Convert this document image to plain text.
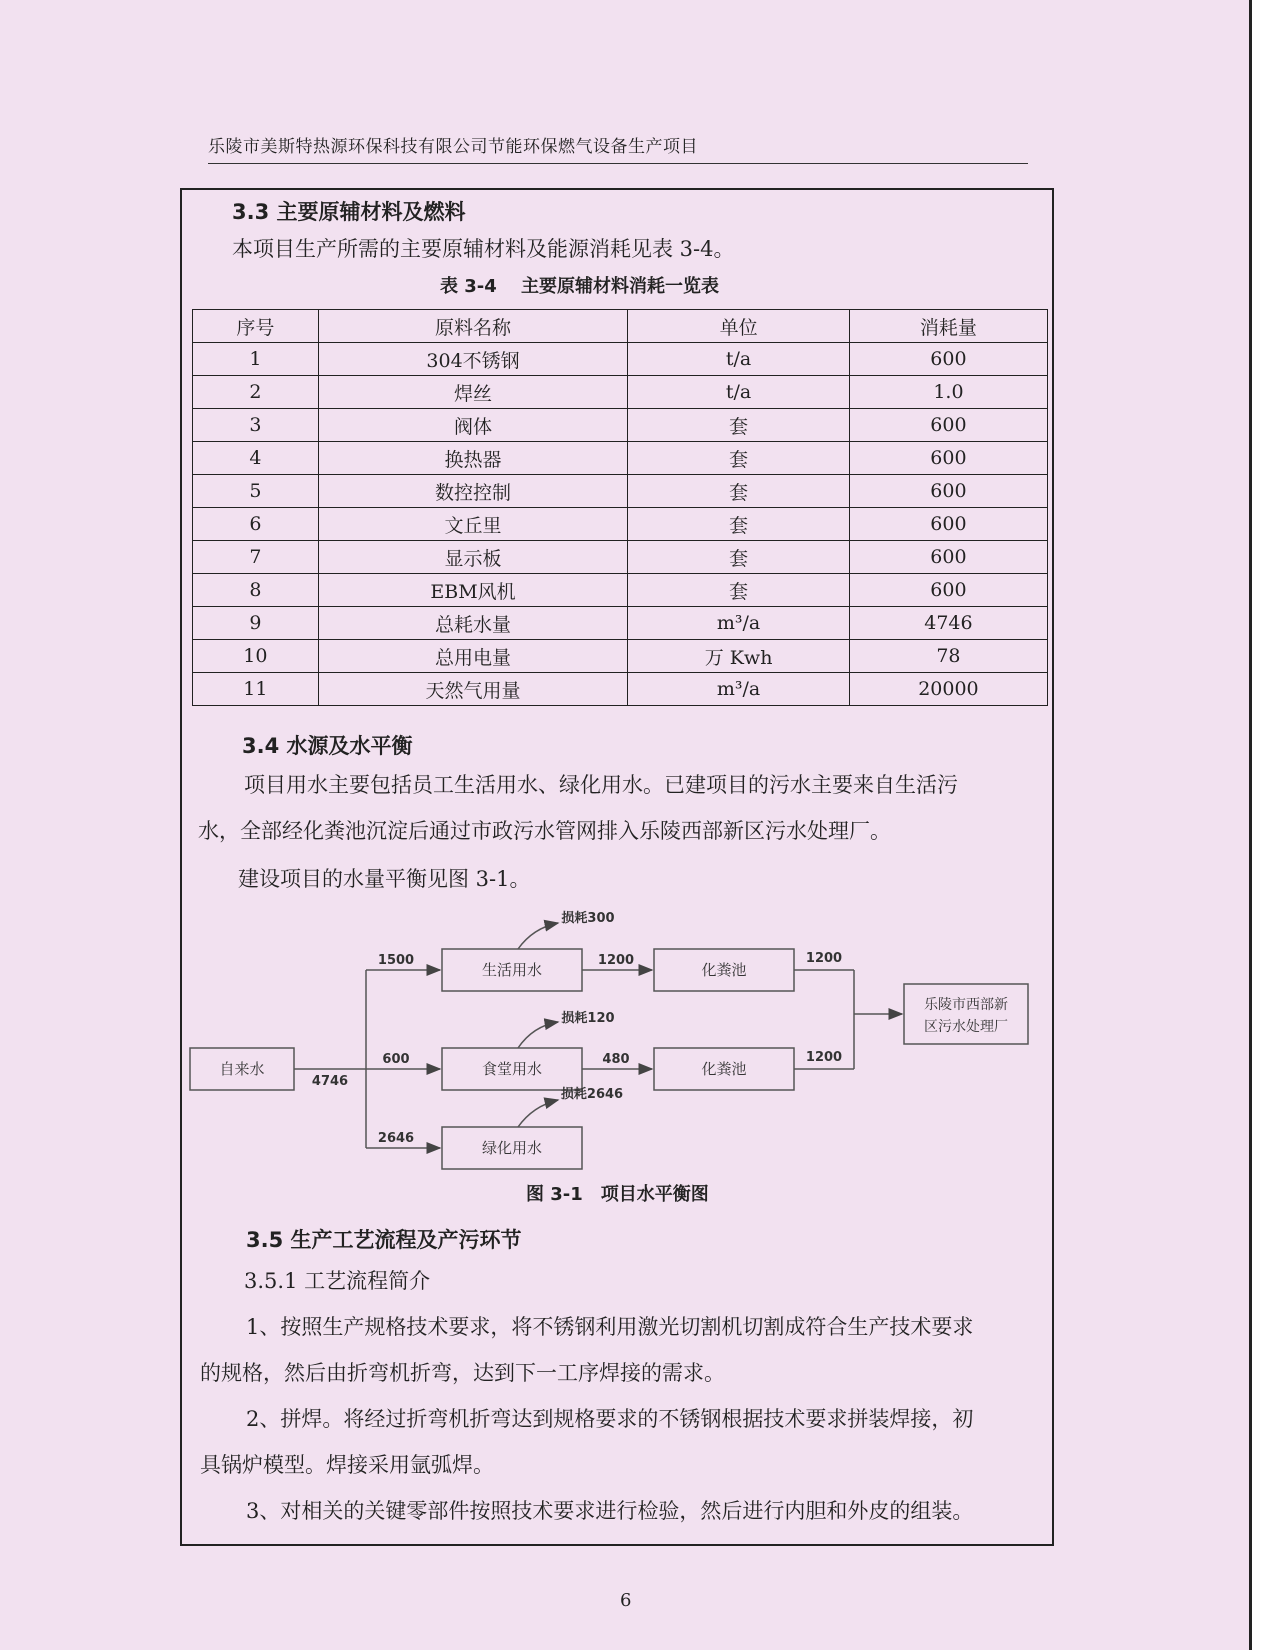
乐陵市美斯特热源环保科技有限公司节能环保燃气设备生产项目
3.3 主要原辅材料及燃料
本项目生产所需的主要原辅材料及能源消耗见表 3-4。
表 3-4　 主要原辅材料消耗一览表
序号	原料名称	单位	消耗量
1	304不锈钢	t/a	600
2	焊丝	t/a	1.0
3	阀体	套	600
4	换热器	套	600
5	数控控制	套	600
6	文丘里	套	600
7	显示板	套	600
8	EBM风机	套	600
9	总耗水量	m³/a	4746
10	总用电量	万 Kwh	78
11	天然气用量	m³/a	20000
3.4 水源及水平衡
项目用水主要包括员工生活用水、绿化用水。已建项目的污水主要来自生活污
水，全部经化粪池沉淀后通过市政污水管网排入乐陵西部新区污水处理厂。
建设项目的水量平衡见图 3-1。
自来水
4746
生活用水
食堂用水
绿化用水
化粪池
化粪池
乐陵市西部新
区污水处理厂
1500
600
2646
损耗300
损耗120
损耗2646
1200
480
1200
1200
图 3-1　项目水平衡图
3.5 生产工艺流程及产污环节
3.5.1 工艺流程简介
1、按照生产规格技术要求，将不锈钢利用激光切割机切割成符合生产技术要求
的规格，然后由折弯机折弯，达到下一工序焊接的需求。
2、拼焊。将经过折弯机折弯达到规格要求的不锈钢根据技术要求拼装焊接，初
具锅炉模型。焊接采用氩弧焊。
3、对相关的关键零部件按照技术要求进行检验，然后进行内胆和外皮的组装。
6
